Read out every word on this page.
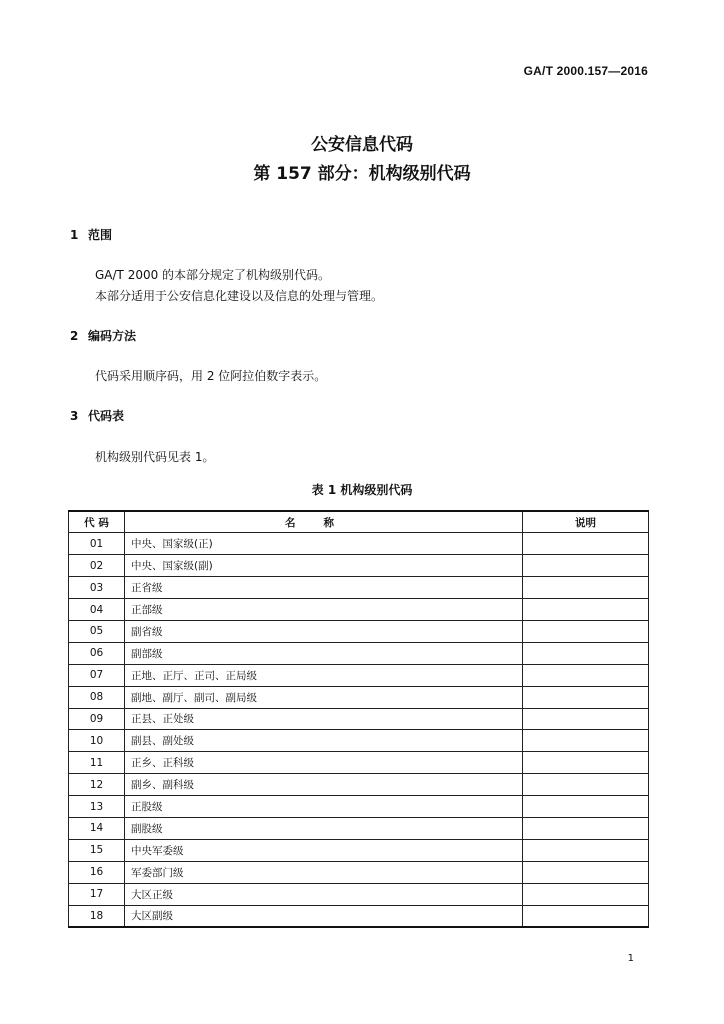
GA/T 2000.157—2016
公安信息代码
第 157 部分：机构级别代码
1 范围
GA/T 2000 的本部分规定了机构级别代码。
本部分适用于公安信息化建设以及信息的处理与管理。
2 编码方法
代码采用顺序码，用 2 位阿拉伯数字表示。
3 代码表
机构级别代码见表 1。
表 1 机构级别代码
代 码	名称	说明
01	中央、国家级(正)	
02	中央、国家级(副)	
03	正省级	
04	正部级	
05	副省级	
06	副部级	
07	正地、正厅、正司、正局级	
08	副地、副厅、副司、副局级	
09	正县、正处级	
10	副县、副处级	
11	正乡、正科级	
12	副乡、副科级	
13	正股级	
14	副股级	
15	中央军委级	
16	军委部门级	
17	大区正级	
18	大区副级	
1
